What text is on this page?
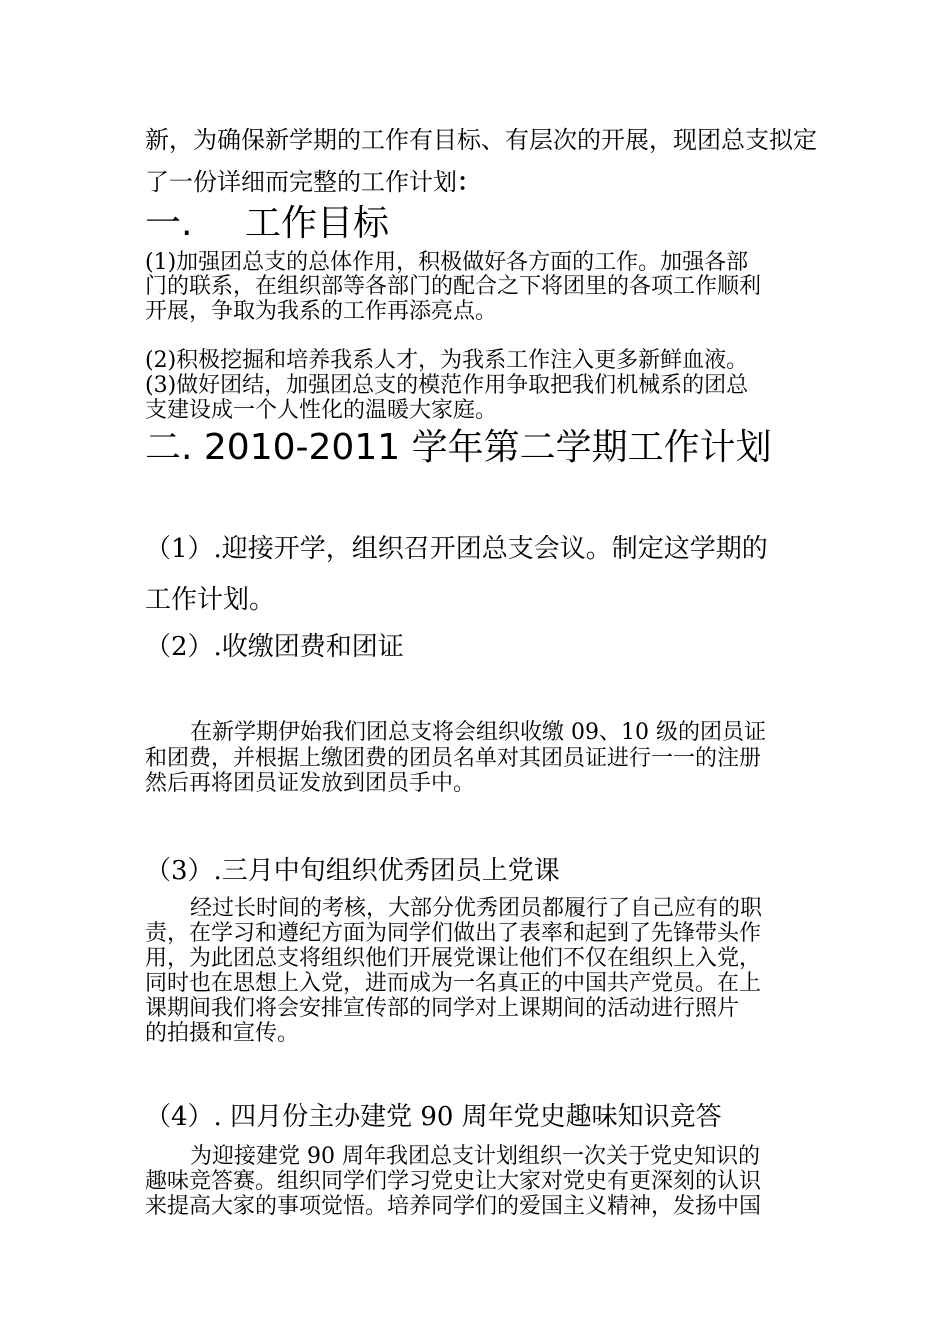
新，为确保新学期的工作有目标、有层次的开展，现团总支拟定
了一份详细而完整的工作计划：
一. 工作目标
(1)加强团总支的总体作用，积极做好各方面的工作。加强各部
门的联系，在组织部等各部门的配合之下将团里的各项工作顺利
开展，争取为我系的工作再添亮点。
(2)积极挖掘和培养我系人才，为我系工作注入更多新鲜血液。
(3)做好团结，加强团总支的模范作用争取把我们机械系的团总
支建设成一个人性化的温暖大家庭。
二. 2010-2011 学年第二学期工作计划
（1）.迎接开学，组织召开团总支会议。制定这学期的
工作计划。
（2）.收缴团费和团证
在新学期伊始我们团总支将会组织收缴 09、10 级的团员证
和团费，并根据上缴团费的团员名单对其团员证进行一一的注册
然后再将团员证发放到团员手中。
（3）.三月中旬组织优秀团员上党课
经过长时间的考核，大部分优秀团员都履行了自己应有的职
责，在学习和遵纪方面为同学们做出了表率和起到了先锋带头作
用，为此团总支将组织他们开展党课让他们不仅在组织上入党，
同时也在思想上入党，进而成为一名真正的中国共产党员。在上
课期间我们将会安排宣传部的同学对上课期间的活动进行照片
的拍摄和宣传。
（4）. 四月份主办建党 90 周年党史趣味知识竞答
为迎接建党 90 周年我团总支计划组织一次关于党史知识的
趣味竞答赛。组织同学们学习党史让大家对党史有更深刻的认识
来提高大家的事项觉悟。培养同学们的爱国主义精神，发扬中国
